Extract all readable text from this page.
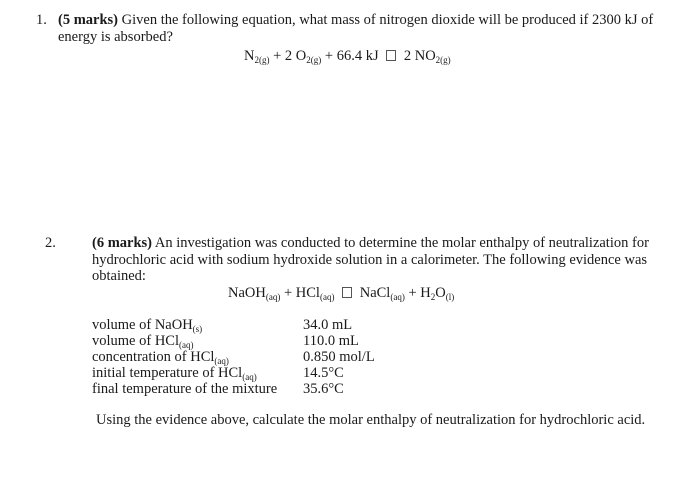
1. (5 marks) Given the following equation, what mass of nitrogen dioxide will be produced if 2300 kJ of
energy is absorbed?
$N_{2(g)} + 2$ $O_{2(g)} + 66.4$ kJ 2 $NO_{2(g)}$
2. (6 marks) An investigation was conducted to determine the molar enthalpy of neutralization for
hydrochloric acid with sodium hydroxide solution in a calorimeter. The following evidence was
obtained:
NaOH$_{(aq)}$ + HCl$_{(aq)}$ NaCl$_{(aq)}$ + $H_2O_{(l)}$
volume of NaOH$_{(s)}$	34.0 mL
volume of HCl$_{(aq)}$	110.0 mL
concentration of HCl$_{(aq)}$	0.850 mol/L
initial temperature of HCl$_{(aq)}$	14.5°C
final temperature of the mixture 35.6°C
Using the evidence above, calculate the molar enthalpy of neutralization for hydrochloric acid.
